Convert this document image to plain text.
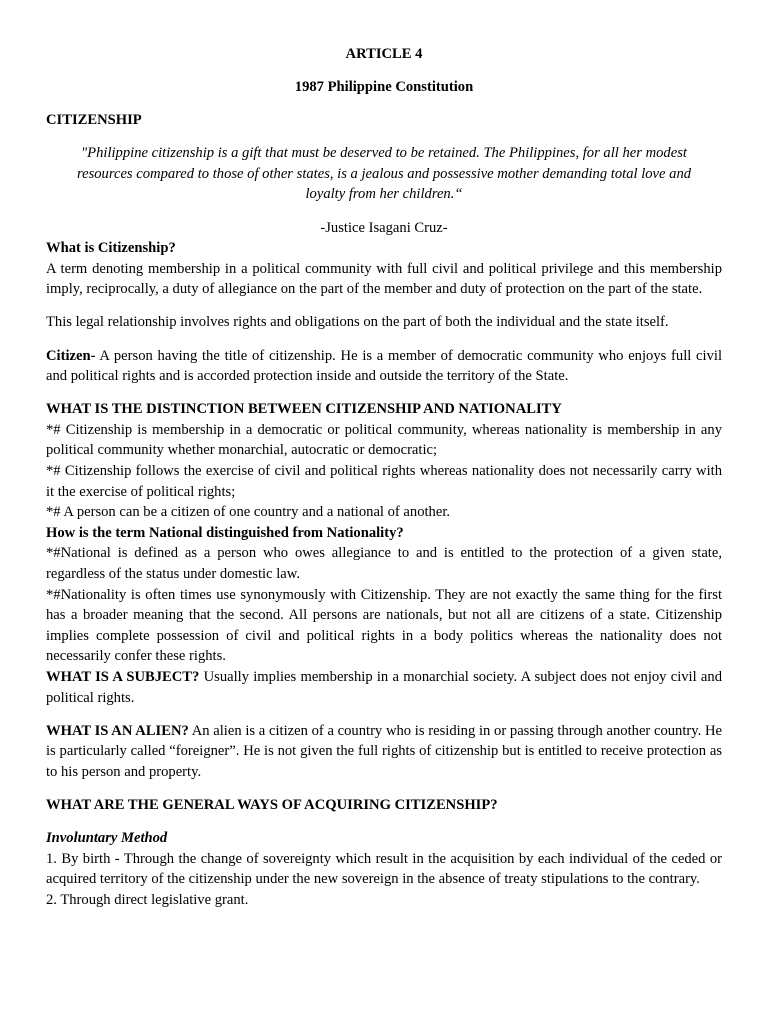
ARTICLE 4

1987 Philippine Constitution

CITIZENSHIP

"Philippine citizenship is a gift that must be deserved to be retained. The Philippines, for all her modest resources compared to those of other states, is a jealous and possessive mother demanding total love and loyalty from her children.“

-Justice Isagani Cruz-

What is Citizenship?

A term denoting membership in a political community with full civil and political privilege and this membership imply, reciprocally, a duty of allegiance on the part of the member and duty of protection on the part of the state.

This legal relationship involves rights and obligations on the part of both the individual and the state itself.

Citizen- A person having the title of citizenship. He is a member of democratic community who enjoys full civil and political rights and is accorded protection inside and outside the territory of the State.

WHAT IS THE DISTINCTION BETWEEN CITIZENSHIP AND NATIONALITY

*# Citizenship is membership in a democratic or political community, whereas nationality is membership in any political community whether monarchial, autocratic or democratic;

*# Citizenship follows the exercise of civil and political rights whereas nationality does not necessarily carry with it the exercise of political rights;

*# A person can be a citizen of one country and a national of another.

How is the term National distinguished from Nationality?

*#National is defined as a person who owes allegiance to and is entitled to the protection of a given state, regardless of the status under domestic law.

*#Nationality is often times use synonymously with Citizenship. They are not exactly the same thing for the first has a broader meaning that the second. All persons are nationals, but not all are citizens of a state. Citizenship implies complete possession of civil and political rights in a body politics whereas the nationality does not necessarily confer these rights.

WHAT IS A SUBJECT? Usually implies membership in a monarchial society. A subject does not enjoy civil and political rights.

WHAT IS AN ALIEN? An alien is a citizen of a country who is residing in or passing through another country. He is particularly called “foreigner”. He is not given the full rights of citizenship but is entitled to receive protection as to his person and property.

WHAT ARE THE GENERAL WAYS OF ACQUIRING CITIZENSHIP?

Involuntary Method

1. By birth - Through the change of sovereignty which result in the acquisition by each individual of the ceded or acquired territory of the citizenship under the new sovereign in the absence of treaty stipulations to the contrary.

2. Through direct legislative grant.
